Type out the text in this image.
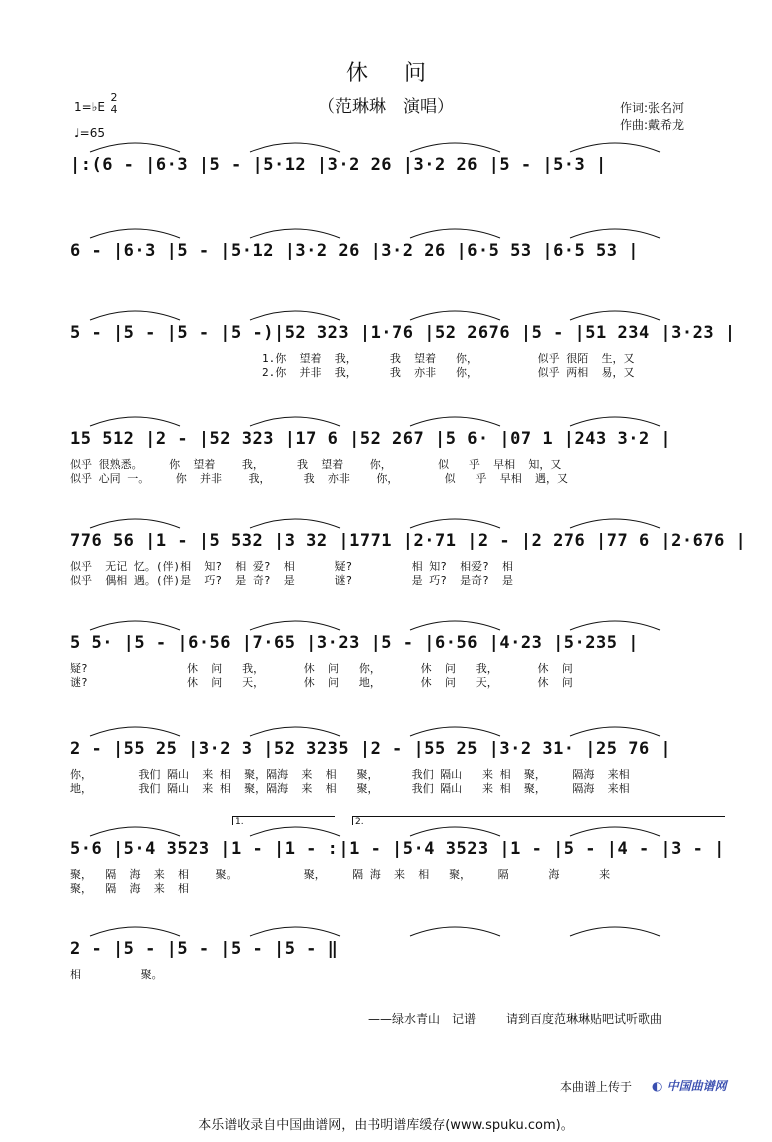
休问
（范琳琳　演唱）	作词:张名河
作曲:戴希龙
1=♭E
2
4
♩=65
|:(6 - |6·3 |5 - |5·12 |3·2 26 |3·2 26 |5 - |5·3 |
6 - |6·3 |5 - |5·12 |3·2 26 |3·2 26 |6·5 53 |6·5 53 |
5 - |5 - |5 - |5 -)|52 323 |1·76 |52 2676 |5 - |51 234 |3·23 |
1.你  望着  我，     我  望着   你，         似乎 很陌  生，又
2.你  并非  我，     我  亦非   你，         似乎 两相  易，又
15 512 |2 - |52 323 |17 6 |52 267 |5 6· |07 1 |243 3·2 |
似乎 很熟悉。    你  望着    我，     我  望着    你，       似   乎  早相  知，又
似乎 心同 一。    你  并非    我，     我  亦非    你，       似   乎  早相  遇，又
776 56 |1 - |5 532 |3 32 |1771 |2·71 |2 - |2 276 |77 6 |2·676 |
似乎  无记 忆。(伴)相  知?  相 爱?  相      疑?         相 知?  相爱?  相
似乎  偶相 遇。(伴)是  巧?  是 奇?  是      谜?         是 巧?  是奇?  是
5 5· |5 - |6·56 |7·65 |3·23 |5 - |6·56 |4·23 |5·235 |
疑?               休  问   我，      休  问   你，      休  问   我，      休  问
谜?               休  问   天，      休  问   地，      休  问   天，      休  问
2 - |55 25 |3·2 3 |52 3235 |2 - |55 25 |3·2 31· |25 76 |
你，       我们 隔山  来 相  聚，隔海  来  相   聚，     我们 隔山   来 相  聚，    隔海  来相
地，       我们 隔山  来 相  聚，隔海  来  相   聚，     我们 隔山   来 相  聚，    隔海  来相
5·6 |5·4 3523 |1 - |1 - :|1 - |5·4 3523 |1 - |5 - |4 - |3 - |
聚，  隔  海  来  相    聚。          聚，    隔 海  来  相   聚，    隔      海      来
聚，  隔  海  来  相
1.	2.
2 - |5 - |5 - |5 - |5 - ‖
相         聚。
——绿水青山　记谱 请到百度范琳琳贴吧试听歌曲
本曲谱上传于 ◐ 中国曲谱网
本乐谱收录自中国曲谱网，由书明谱库缓存(www.spuku.com)。
